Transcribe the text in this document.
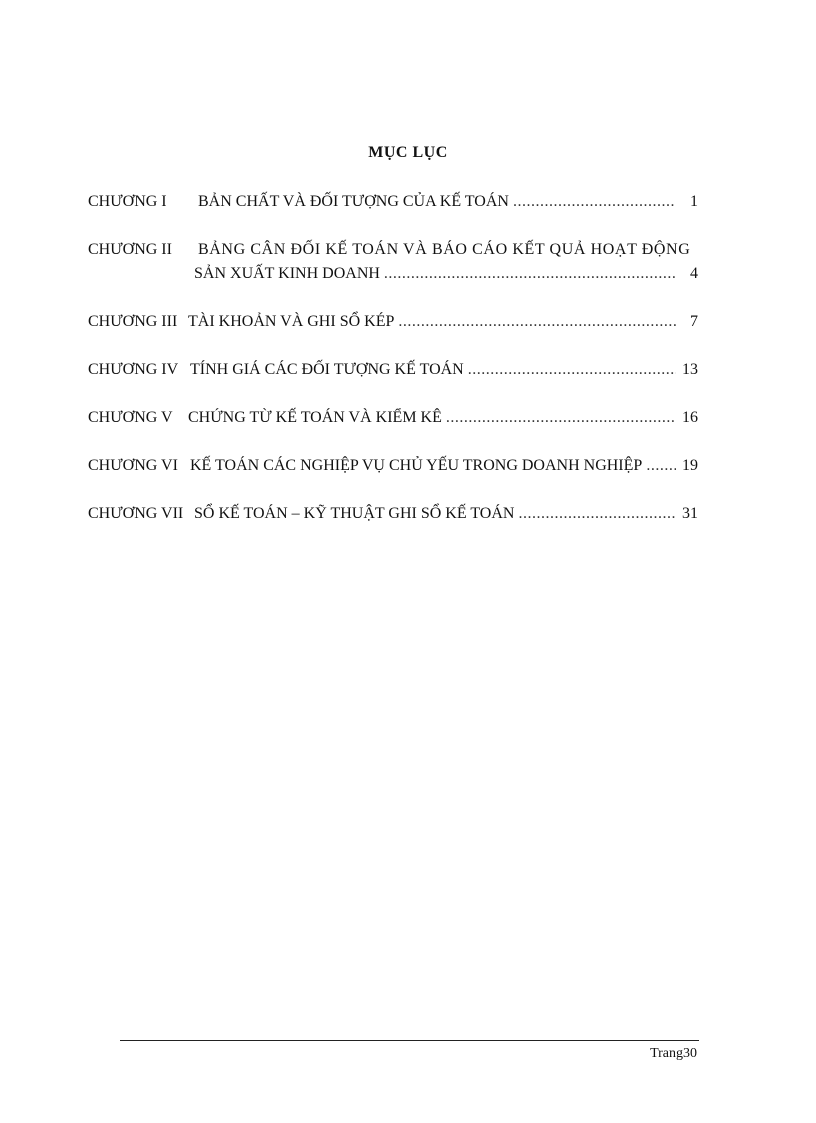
MỤC LỤC
CHƯƠNG I	BẢN CHẤT VÀ ĐỐI TƯỢNG CỦA KẾ TOÁN .....	1
CHƯƠNG II	BẢNG CÂN ĐỐI KẾ TOÁN VÀ BÁO CÁO KẾT QUẢ HOẠT ĐỘNG
SẢN XUẤT KINH DOANH .....	4
CHƯƠNG III TÀI KHOẢN VÀ GHI SỔ KÉP .....	7
CHƯƠNG IV TÍNH GIÁ CÁC ĐỐI TƯỢNG KẾ TOÁN .....	13
CHƯƠNG V CHỨNG TỪ KẾ TOÁN VÀ KIỂM KÊ .....	16
CHƯƠNG VI KẾ TOÁN CÁC NGHIỆP VỤ CHỦ YẾU TRONG DOANH NGHIỆP ..... 19
CHƯƠNG VII SỔ KẾ TOÁN – KỸ THUẬT GHI SỔ KẾ TOÁN .....	31
Trang30
